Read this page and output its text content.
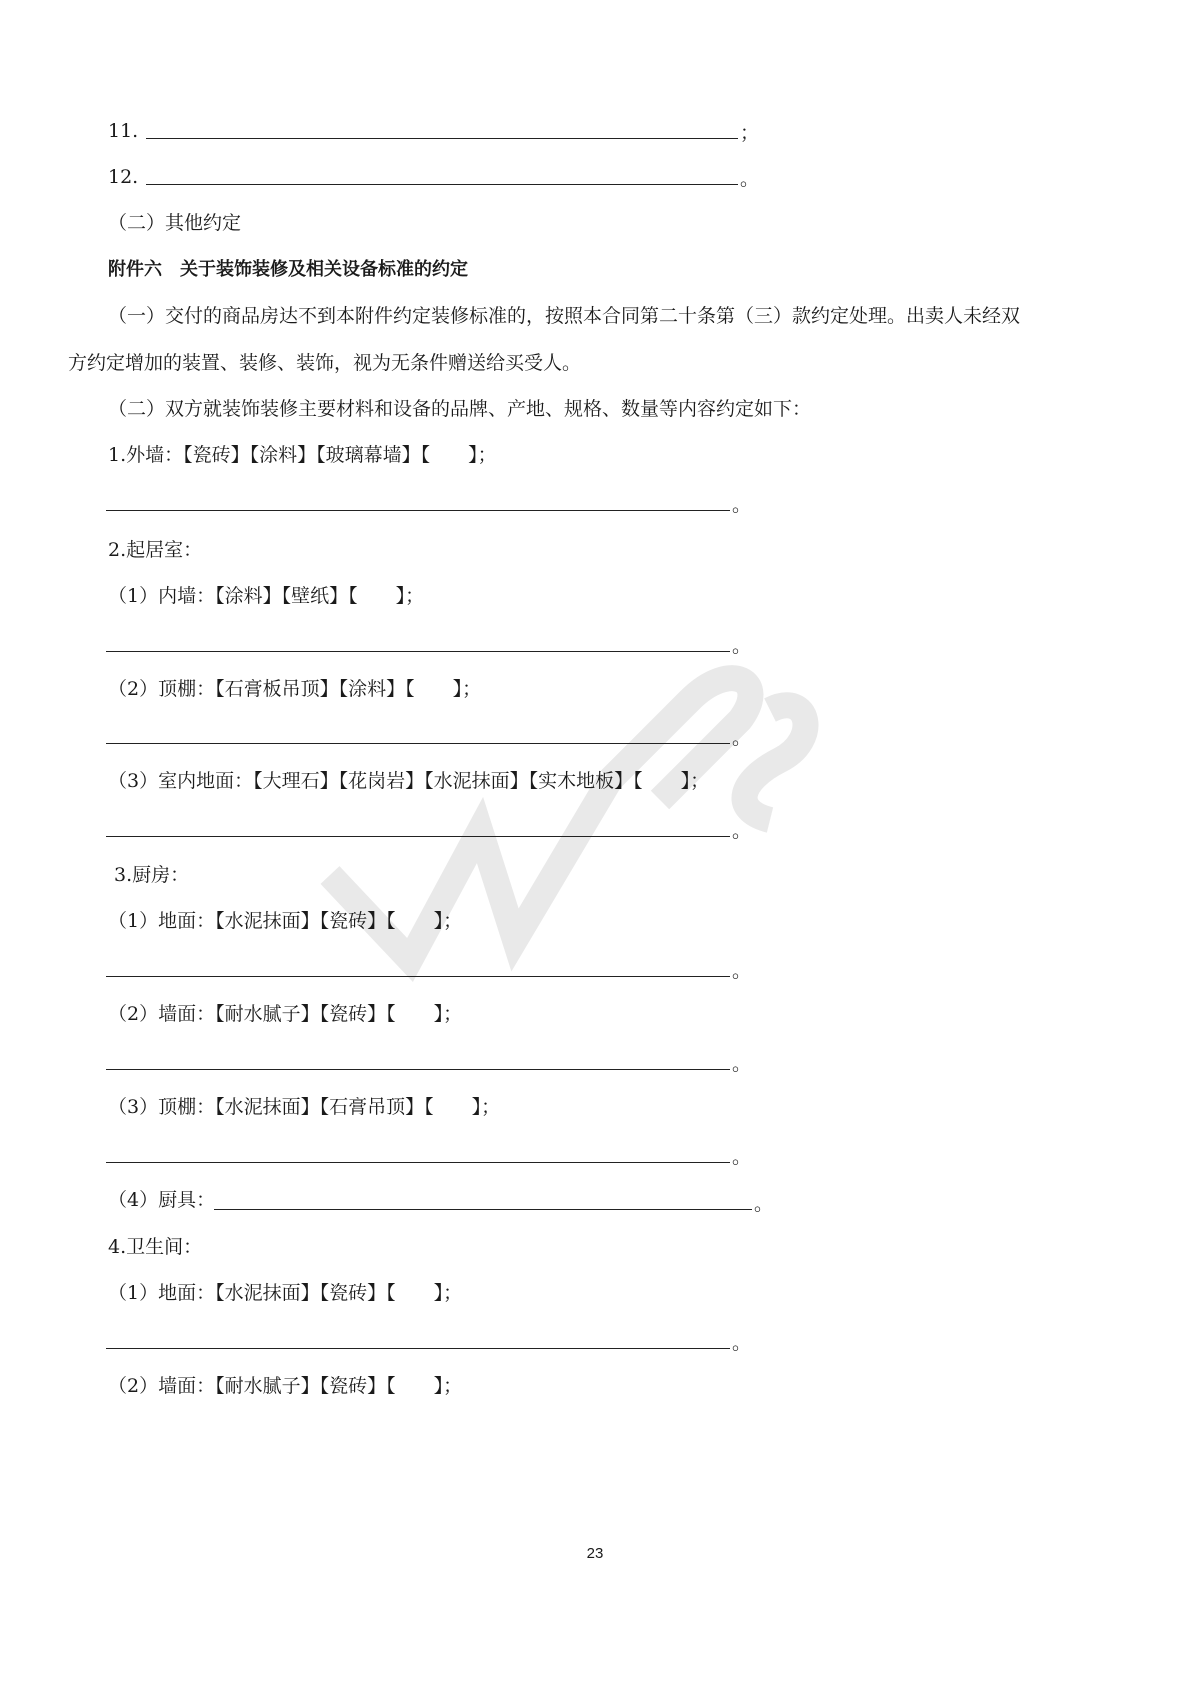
11.	；
12.	。
（二）其他约定
附件六　关于装饰装修及相关设备标准的约定
（一）交付的商品房达不到本附件约定装修标准的，按照本合同第二十条第（三）款约定处理。出卖人未经双
方约定增加的装置、装修、装饰，视为无条件赠送给买受人。
（二）双方就装饰装修主要材料和设备的品牌、产地、规格、数量等内容约定如下：
1.外墙：【瓷砖】【涂料】【玻璃幕墙】【　　】；
。
2.起居室：
（1）内墙：【涂料】【壁纸】【　　】；
。
（2）顶棚：【石膏板吊顶】【涂料】【　　】；
。
（3）室内地面：【大理石】【花岗岩】【水泥抹面】【实木地板】【　　】；
。
3.厨房：
（1）地面：【水泥抹面】【瓷砖】【　　】；
。
（2）墙面：【耐水腻子】【瓷砖】【　　】；
。
（3）顶棚：【水泥抹面】【石膏吊顶】【　　】；
。
（4）厨具：	。
4.卫生间：
（1）地面：【水泥抹面】【瓷砖】【　　】；
。
（2）墙面：【耐水腻子】【瓷砖】【　　】；
23
